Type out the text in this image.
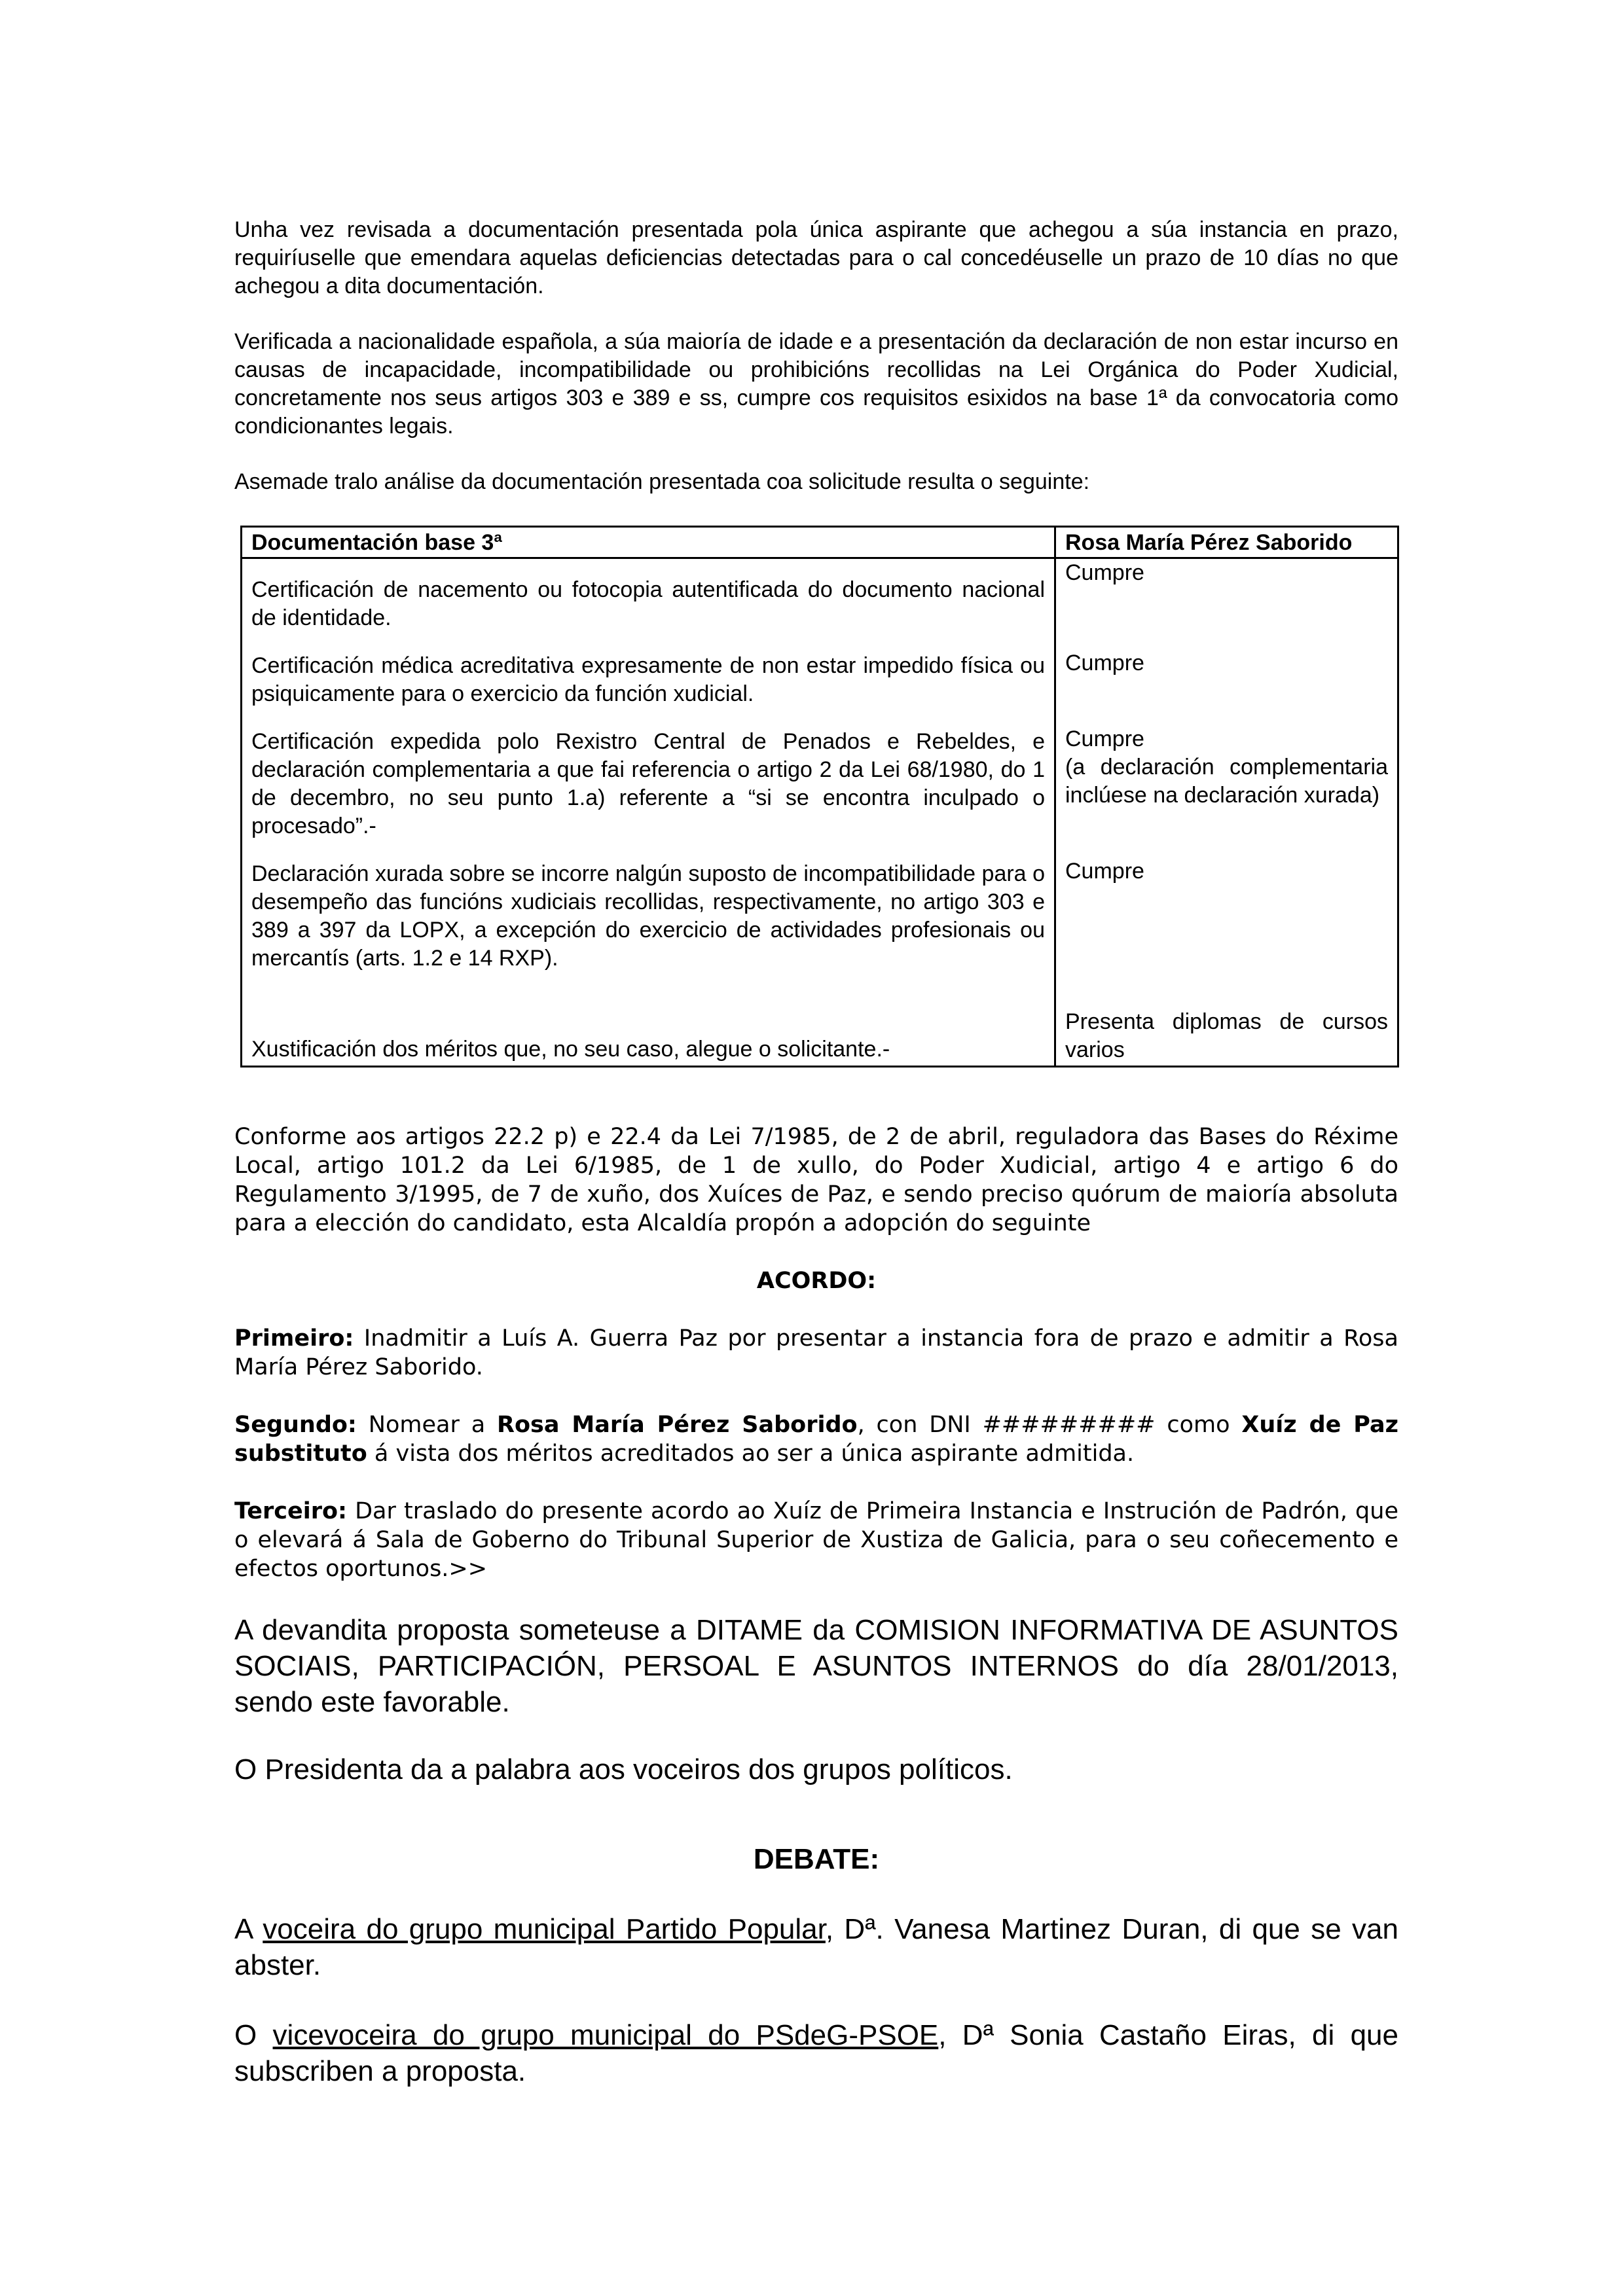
Unha vez revisada a documentación presentada pola única aspirante que achegou a súa instancia en prazo, requiríuselle que emendara aquelas deficiencias detectadas para o cal concedéuselle un prazo de 10 días no que achegou a dita documentación.

Verificada a nacionalidade española, a súa maioría de idade e a presentación da declaración de non estar incurso en causas de incapacidade, incompatibilidade ou prohibicións recollidas na Lei Orgánica do Poder Xudicial, concretamente nos seus artigos 303 e 389 e ss, cumpre cos requisitos esixidos na base 1ª da convocatoria como condicionantes legais.

Asemade tralo análise da documentación presentada coa solicitude resulta o seguinte:

Documentación base 3ª	Rosa María Pérez Saborido
Certificación de nacemento ou fotocopia autentificada do documento nacional de identidade.	Cumpre
Certificación médica acreditativa expresamente de non estar impedido física ou psiquicamente para o exercicio da función xudicial.	Cumpre
Certificación expedida polo Rexistro Central de Penados e Rebeldes, e declaración complementaria a que fai referencia o artigo 2 da Lei 68/1980, do 1 de decembro, no seu punto 1.a) referente a “si se encontra inculpado o procesado”.-	Cumpre
(a declaración complementaria inclúese na declaración xurada)

Declaración xurada sobre se incorre nalgún suposto de incompatibilidade para o desempeño das funcións xudiciais recollidas, respectivamente, no artigo 303 e 389 a 397 da LOPX, a excepción do exercicio de actividades profesionais ou mercantís (arts. 1.2 e 14 RXP).	Cumpre
Xustificación dos méritos que, no seu caso, alegue o solicitante.-	Presenta diplomas de cursos varios

Conforme aos artigos 22.2 p) e 22.4 da Lei 7/1985, de 2 de abril, reguladora das Bases do Réxime Local, artigo 101.2 da Lei 6/1985, de 1 de xullo, do Poder Xudicial, artigo 4 e artigo 6 do Regulamento 3/1995, de 7 de xuño, dos Xuíces de Paz, e sendo preciso quórum de maioría absoluta para a elección do candidato, esta Alcaldía propón a adopción do seguinte

ACORDO:

Primeiro: Inadmitir a Luís A. Guerra Paz por presentar a instancia fora de prazo e admitir a Rosa María Pérez Saborido.

Segundo: Nomear a Rosa María Pérez Saborido, con DNI ######### como Xuíz de Paz substituto á vista dos méritos acreditados ao ser a única aspirante admitida.

Terceiro: Dar traslado do presente acordo ao Xuíz de Primeira Instancia e Instrución de Padrón, que o elevará á Sala de Goberno do Tribunal Superior de Xustiza de Galicia, para o seu coñecemento e efectos oportunos.>>

A devandita proposta someteuse a DITAME da COMISION INFORMATIVA DE ASUNTOS SOCIAIS, PARTICIPACIÓN, PERSOAL E ASUNTOS INTERNOS do día 28/01/2013, sendo este favorable.

O Presidenta da a palabra aos voceiros dos grupos políticos.

DEBATE:

A voceira do grupo municipal Partido Popular, Dª. Vanesa Martinez Duran, di que se van abster.

O vicevoceira do grupo municipal do PSdeG-PSOE, Dª Sonia Castaño Eiras, di que subscriben a proposta.
